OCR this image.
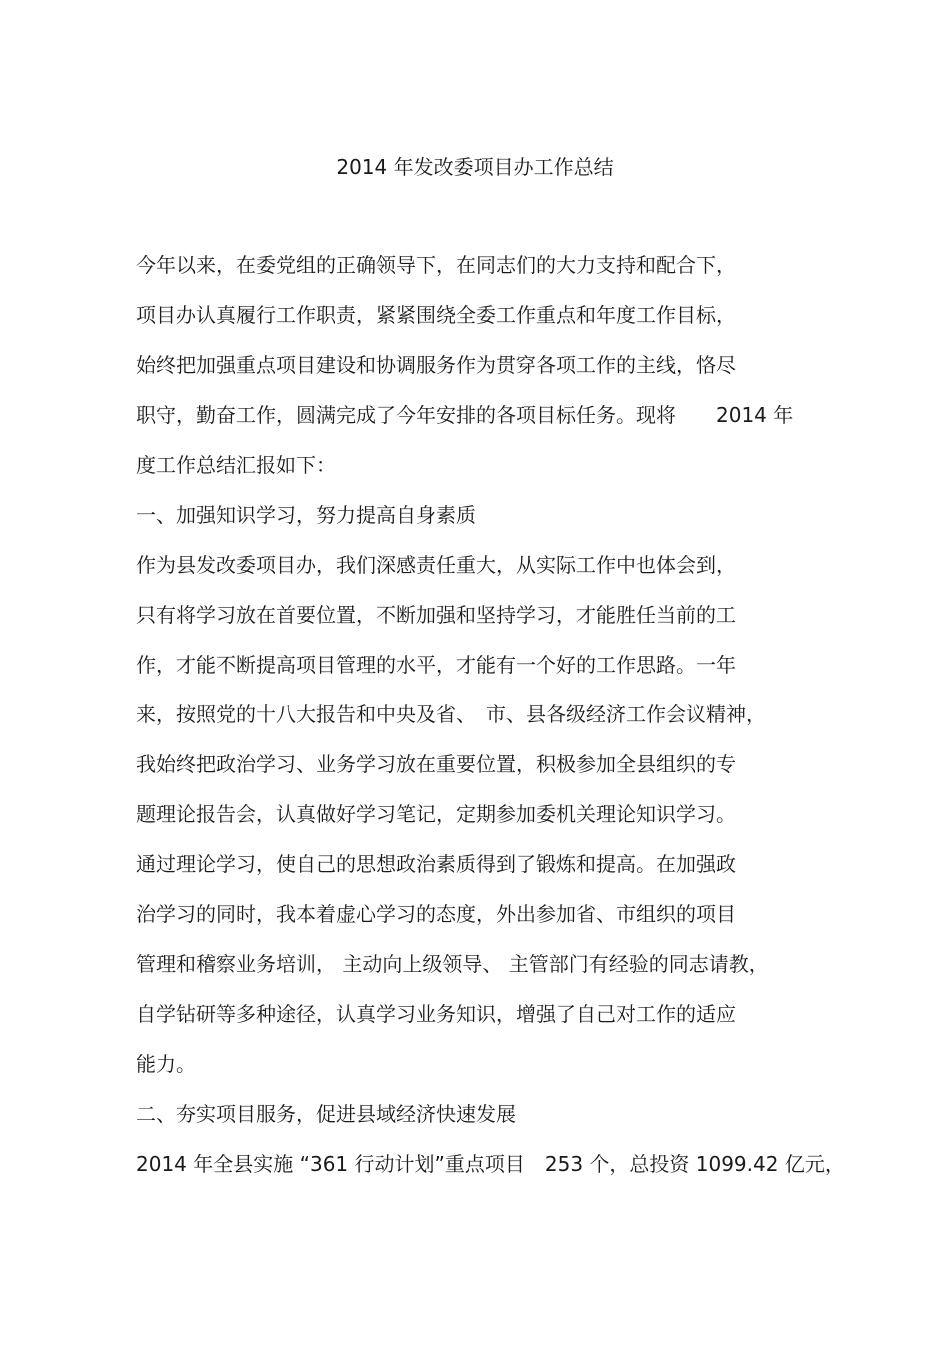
2014 年发改委项目办工作总结
今年以来，在委党组的正确领导下，在同志们的大力支持和配合下，
项目办认真履行工作职责，紧紧围绕全委工作重点和年度工作目标，
始终把加强重点项目建设和协调服务作为贯穿各项工作的主线，恪尽
职守，勤奋工作，圆满完成了今年安排的各项目标任务。现将　　2014 年
度工作总结汇报如下：
一、加强知识学习，努力提高自身素质
作为县发改委项目办，我们深感责任重大，从实际工作中也体会到，
只有将学习放在首要位置，不断加强和坚持学习，才能胜任当前的工
作，才能不断提高项目管理的水平，才能有一个好的工作思路。一年
来，按照党的十八大报告和中央及省、　市、县各级经济工作会议精神，
我始终把政治学习、业务学习放在重要位置，积极参加全县组织的专
题理论报告会，认真做好学习笔记，定期参加委机关理论知识学习。
通过理论学习，使自己的思想政治素质得到了锻炼和提高。在加强政
治学习的同时，我本着虚心学习的态度，外出参加省、市组织的项目
管理和稽察业务培训， 主动向上级领导、 主管部门有经验的同志请教，
自学钻研等多种途径，认真学习业务知识，增强了自己对工作的适应
能力。
二、夯实项目服务，促进县域经济快速发展
2014 年全县实施 “361 行动计划”重点项目　253 个，总投资 1099.42 亿元，
